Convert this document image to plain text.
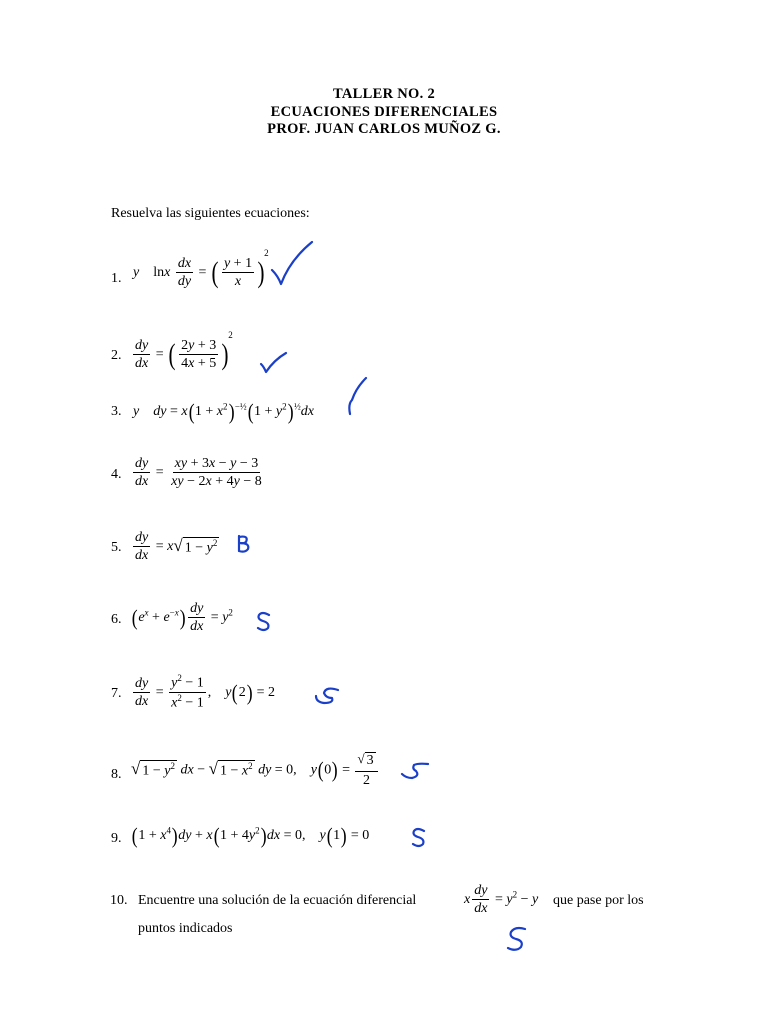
TALLER NO. 2
ECUACIONES DIFERENCIALES
PROF. JUAN CARLOS MUÑOZ G.
Resuelva las siguientes ecuaciones:
1. y    lnx $\frac{dx}{dy}$ = ( $\frac{y + 1}{x} )^2$
2. $\frac{dy}{dx}$ = ( $\frac{2y + 3}{4x + 5} )^2$
3. y dy = $x(1 + x^2)^{-\frac{1}{2}}(1 + y^2)^{\frac{1}{2}}dx$
4. $\frac{dy}{dx} = \frac{xy + 3x - y - 3}{xy - 2x + 4y - 8}$
5. $\frac{dy}{dx} = x$ √ $1 - y^2$
6. $(e^x + e^{-x}) \frac{dy}{dx} = y^2$
7. $\frac{dy}{dx} = \frac{y^2 - 1}{x^2 - 1}$ ,    y(2) = 2
8. √ $1 - y^2$ dx − √ $1 - x^2$ dy = 0,    $y(0) = \frac{√ 3}{2}$
9. $(1 + x^4)dy + x(1 + 4y^2)dx = 0$,    y(1) = 0
10. Encuentre una solución de la ecuación diferencial	x $\frac{dy}{dx} = y^2 - y$ que pase por los
puntos indicados
